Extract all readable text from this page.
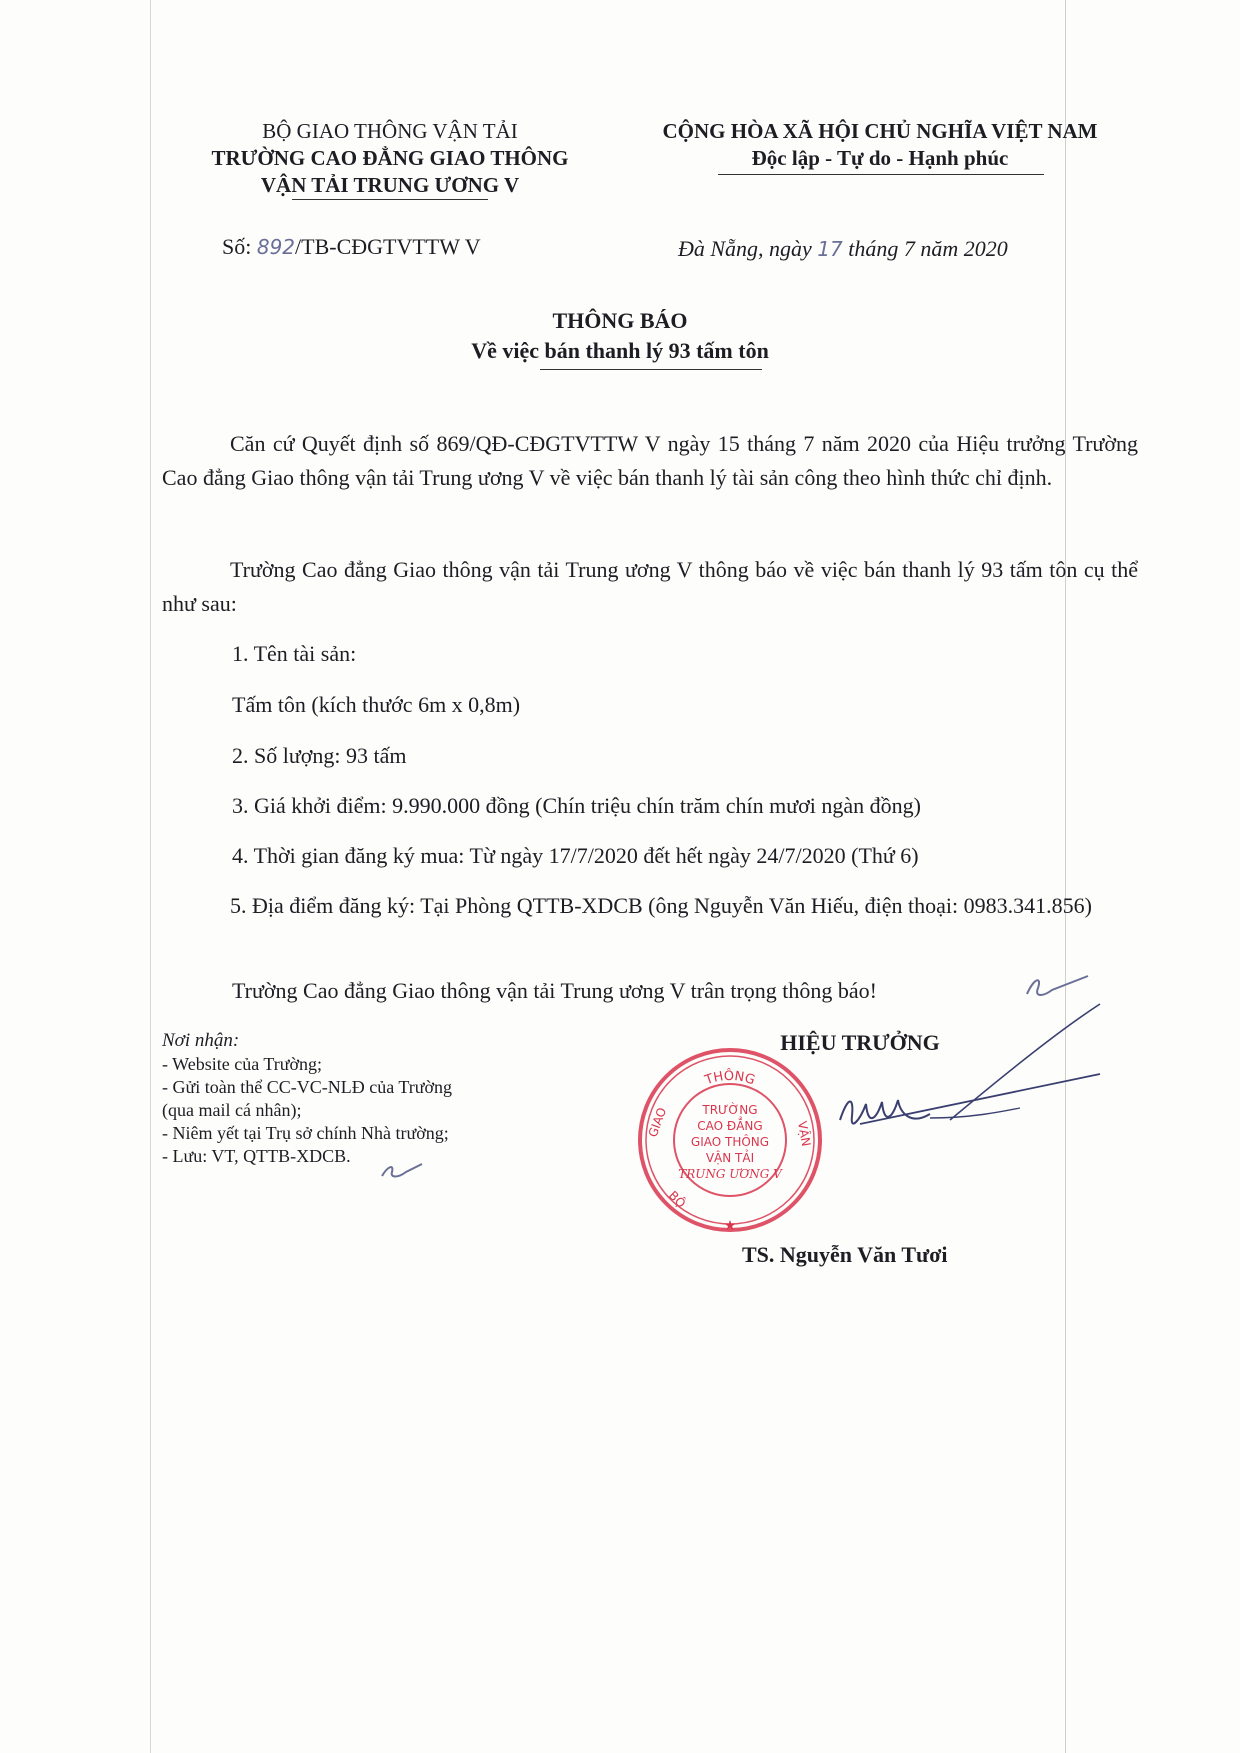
BỘ GIAO THÔNG VẬN TẢI
TRƯỜNG CAO ĐẲNG GIAO THÔNG
VẬN TẢI TRUNG ƯƠNG V
Số: 892/TB-CĐGTVTTW V
CỘNG HÒA XÃ HỘI CHỦ NGHĨA VIỆT NAM
Độc lập - Tự do - Hạnh phúc
Đà Nẵng, ngày 17 tháng 7 năm 2020
THÔNG BÁO
Về việc bán thanh lý 93 tấm tôn
Căn cứ Quyết định số 869/QĐ-CĐGTVTTW V ngày 15 tháng 7 năm 2020 của Hiệu trưởng Trường Cao đẳng Giao thông vận tải Trung ương V về việc bán thanh lý tài sản công theo hình thức chỉ định.
Trường Cao đẳng Giao thông vận tải Trung ương V thông báo về việc bán thanh lý 93 tấm tôn cụ thể như sau:
1. Tên tài sản:
Tấm tôn (kích thước 6m x 0,8m)
2. Số lượng: 93 tấm
3. Giá khởi điểm: 9.990.000 đồng (Chín triệu chín trăm chín mươi ngàn đồng)
4. Thời gian đăng ký mua: Từ ngày 17/7/2020 đết hết ngày 24/7/2020 (Thứ 6)
5. Địa điểm đăng ký: Tại Phòng QTTB-XDCB (ông Nguyễn Văn Hiếu, điện thoại: 0983.341.856)
Trường Cao đẳng Giao thông vận tải Trung ương V trân trọng thông báo!
Nơi nhận:
- Website của Trường;
- Gửi toàn thể CC-VC-NLĐ của Trường
(qua mail cá nhân);
- Niêm yết tại Trụ sở chính Nhà trường;
- Lưu: VT, QTTB-XDCB.
HIỆU TRƯỞNG
THÔNG
GIAO	VẬN
BỘ
★
TRƯỜNG
CAO ĐẲNG
GIAO THÔNG
VẬN TẢI
TRUNG ƯƠNG V
TS. Nguyễn Văn Tươi
